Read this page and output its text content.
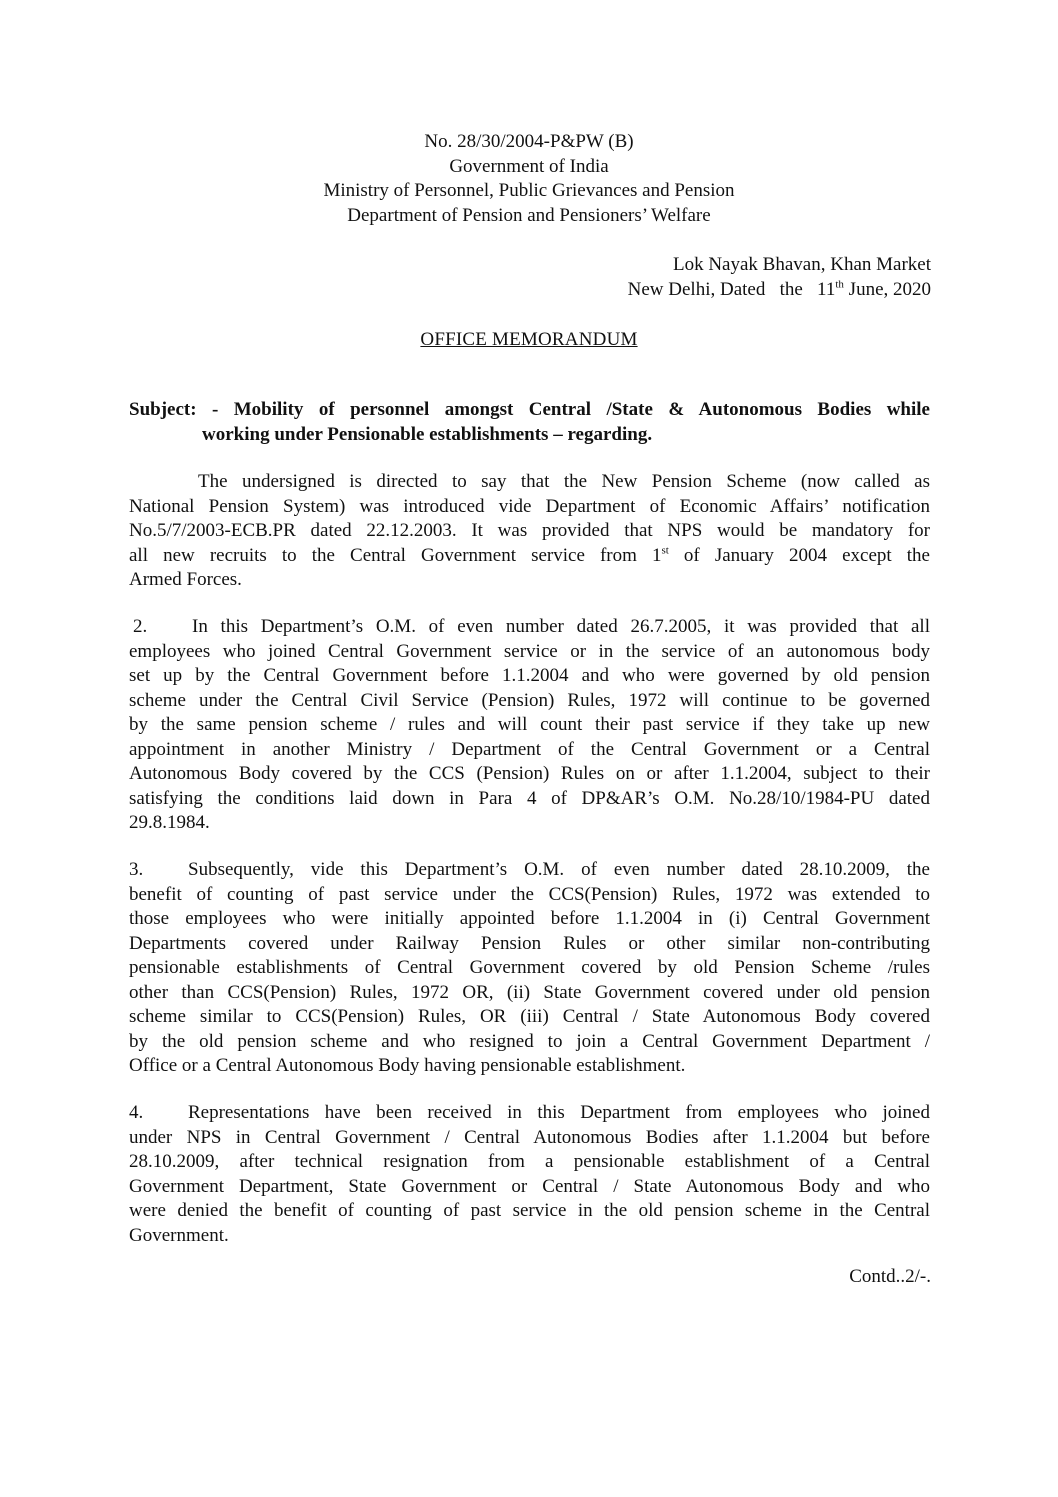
No. 28/30/2004-P&PW (B)
Government of India
Ministry of Personnel, Public Grievances and Pension
Department of Pension and Pensioners’ Welfare
Lok Nayak Bhavan, Khan Market
New Delhi, Dated   the   11th June, 2020
OFFICE MEMORANDUM
Subject: - Mobility of personnel amongst Central /State & Autonomous Bodies while
working under Pensionable establishments – regarding.
The undersigned is directed to say that the New Pension Scheme (now called as
National Pension System) was introduced vide Department of Economic Affairs’ notification
No.5/7/2003-ECB.PR dated 22.12.2003. It was provided that NPS would be mandatory for
all new recruits to the Central Government service from 1st of January 2004 except the
Armed Forces.
2. In this Department’s O.M. of even number dated 26.7.2005, it was provided that all
employees who joined Central Government service or in the service of an autonomous body
set up by the Central Government before 1.1.2004 and who were governed by old pension
scheme under the Central Civil Service (Pension) Rules, 1972 will continue to be governed
by the same pension scheme / rules and will count their past service if they take up new
appointment in another Ministry / Department of the Central Government or a Central
Autonomous Body covered by the CCS (Pension) Rules on or after 1.1.2004, subject to their
satisfying the conditions laid down in Para 4 of DP&AR’s O.M. No.28/10/1984-PU dated
29.8.1984.
3. Subsequently, vide this Department’s O.M. of even number dated 28.10.2009, the
benefit of counting of past service under the CCS(Pension) Rules, 1972 was extended to
those employees who were initially appointed before 1.1.2004 in (i) Central Government
Departments covered under Railway Pension Rules or other similar non-contributing
pensionable establishments of Central Government covered by old Pension Scheme /rules
other than CCS(Pension) Rules, 1972 OR, (ii) State Government covered under old pension
scheme similar to CCS(Pension) Rules, OR (iii) Central / State Autonomous Body covered
by the old pension scheme and who resigned to join a Central Government Department /
Office or a Central Autonomous Body having pensionable establishment.
4. Representations have been received in this Department from employees who joined
under NPS in Central Government / Central Autonomous Bodies after 1.1.2004 but before
28.10.2009, after technical resignation from a pensionable establishment of a Central
Government Department, State Government or Central / State Autonomous Body and who
were denied the benefit of counting of past service in the old pension scheme in the Central
Government.
Contd..2/-.
